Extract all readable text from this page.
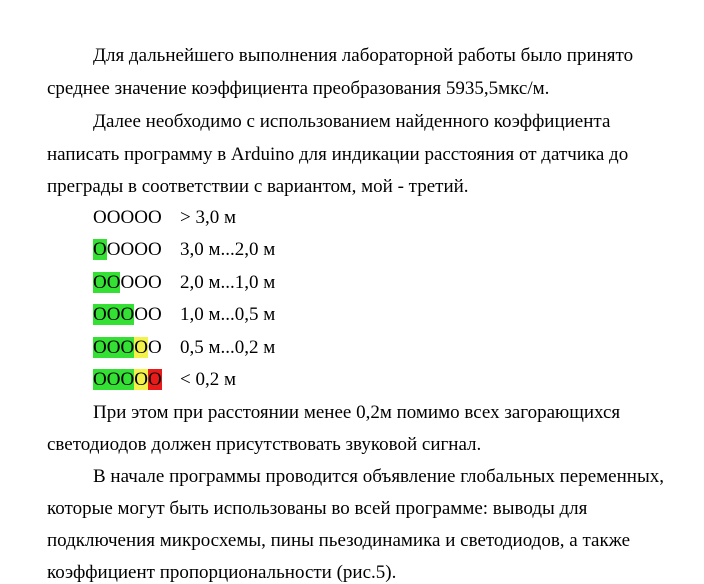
Для дальнейшего выполнения лабораторной работы было принято
среднее значение коэффициента преобразования 5935,5мкс/м.
Далее необходимо с использованием найденного коэффициента
написать программу в Arduino для индикации расстояния от датчика до
преграды в соответствии с вариантом, мой - третий.
О О О О О > 3,0 м
О О О О О 3,0 м...2,0 м
О О О О О 2,0 м...1,0 м
О О О О О 1,0 м...0,5 м
О О О О О 0,5 м...0,2 м
О О О О О < 0,2 м
При этом при расстоянии менее 0,2м помимо всех загорающихся
светодиодов должен присутствовать звуковой сигнал.
В начале программы проводится объявление глобальных переменных,
которые могут быть использованы во всей программе: выводы для
подключения микросхемы, пины пьезодинамика и светодиодов, а также
коэффициент пропорциональности (рис.5).
